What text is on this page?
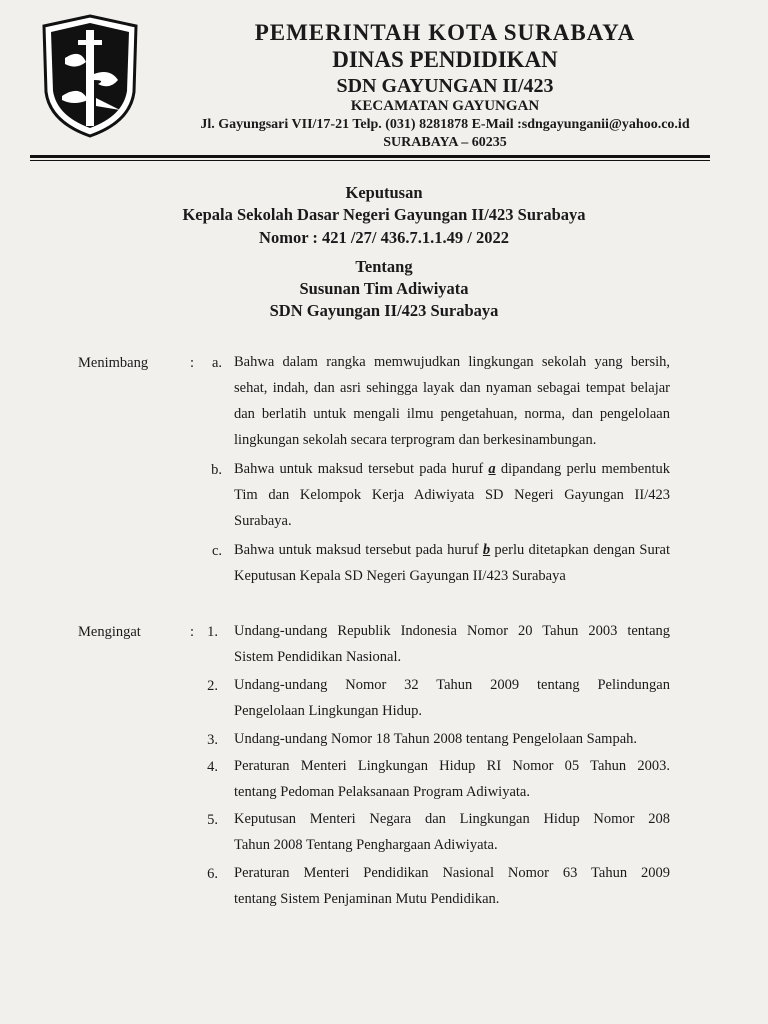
PEMERINTAH KOTA SURABAYA
DINAS PENDIDIKAN
SDN GAYUNGAN II/423
KECAMATAN GAYUNGAN
Jl. Gayungsari VII/17-21 Telp. (031) 8281878 E-Mail :sdngayunganii@yahoo.co.id
SURABAYA – 60235
Keputusan
Kepala Sekolah Dasar Negeri Gayungan II/423 Surabaya
Nomor : 421 /27/ 436.7.1.1.49 / 2022
Tentang
Susunan Tim Adiwiyata
SDN Gayungan II/423 Surabaya
Menimbang	:	a. Bahwa dalam rangka memwujudkan lingkungan sekolah yang bersih,
sehat, indah, dan asri sehingga layak dan nyaman sebagai tempat belajar
dan berlatih untuk mengali ilmu pengetahuan, norma, dan pengelolaan
lingkungan sekolah secara terprogram dan berkesinambungan.
b. Bahwa untuk maksud tersebut pada huruf a dipandang perlu membentuk
Tim dan Kelompok Kerja Adiwiyata SD Negeri Gayungan II/423
Surabaya.
c. Bahwa untuk maksud tersebut pada huruf b perlu ditetapkan dengan Surat
Keputusan Kepala SD Negeri Gayungan II/423 Surabaya
Mengingat	: 1. Undang-undang Republik Indonesia Nomor 20 Tahun 2003 tentang
Sistem Pendidikan Nasional.
2. Undang-undang Nomor 32 Tahun 2009 tentang Pelindungan
Pengelolaan Lingkungan Hidup.
3. Undang-undang Nomor 18 Tahun 2008 tentang Pengelolaan Sampah.
4. Peraturan Menteri Lingkungan Hidup RI Nomor 05 Tahun 2003.
tentang Pedoman Pelaksanaan Program Adiwiyata.
5. Keputusan Menteri Negara dan Lingkungan Hidup Nomor 208
Tahun 2008 Tentang Penghargaan Adiwiyata.
6. Peraturan Menteri Pendidikan Nasional Nomor 63 Tahun 2009
tentang Sistem Penjaminan Mutu Pendidikan.
